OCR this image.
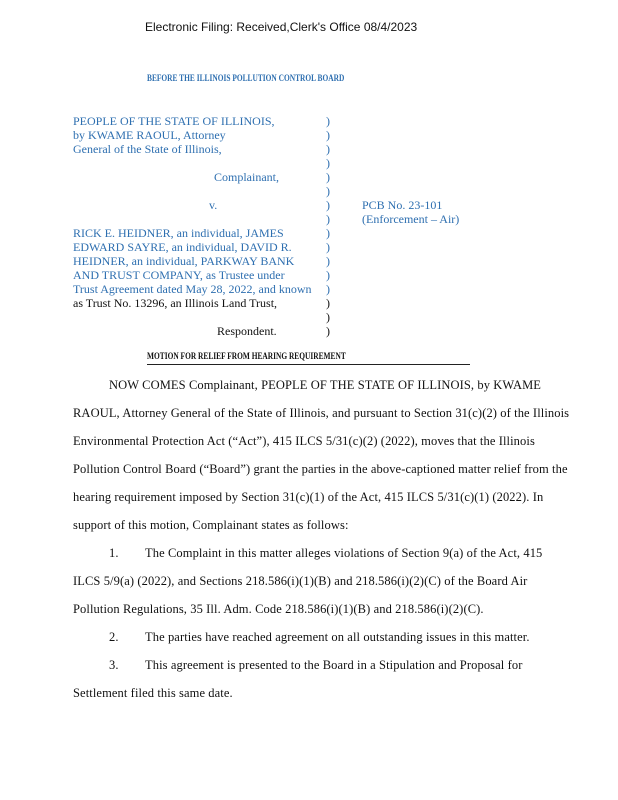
Electronic Filing: Received,Clerk's Office 08/4/2023
BEFORE THE ILLINOIS POLLUTION CONTROL BOARD
PEOPLE OF THE STATE OF ILLINOIS,
by KWAME RAOUL, Attorney
General of the State of Illinois,
Complainant,
v.
RICK E. HEIDNER, an individual, JAMES
EDWARD SAYRE, an individual, DAVID R.
HEIDNER, an individual, PARKWAY BANK
AND TRUST COMPANY, as Trustee under
Trust Agreement dated May 28, 2022, and known
as Trust No. 13296, an Illinois Land Trust,
Respondent.
PCB No. 23-101
(Enforcement – Air)
)
)
)
)
)
)
)
)
)
)
)
)
)
)
)
)
MOTION FOR RELIEF FROM HEARING REQUIREMENT
NOW COMES Complainant, PEOPLE OF THE STATE OF ILLINOIS, by KWAME
RAOUL, Attorney General of the State of Illinois, and pursuant to Section 31(c)(2) of the Illinois
Environmental Protection Act (“Act”), 415 ILCS 5/31(c)(2) (2022), moves that the Illinois
Pollution Control Board (“Board”) grant the parties in the above-captioned matter relief from the
hearing requirement imposed by Section 31(c)(1) of the Act, 415 ILCS 5/31(c)(1) (2022). In
support of this motion, Complainant states as follows:
1. The Complaint in this matter alleges violations of Section 9(a) of the Act, 415
ILCS 5/9(a) (2022), and Sections 218.586(i)(1)(B) and 218.586(i)(2)(C) of the Board Air
Pollution Regulations, 35 Ill. Adm. Code 218.586(i)(1)(B) and 218.586(i)(2)(C).
2. The parties have reached agreement on all outstanding issues in this matter.
3. This agreement is presented to the Board in a Stipulation and Proposal for
Settlement filed this same date.
